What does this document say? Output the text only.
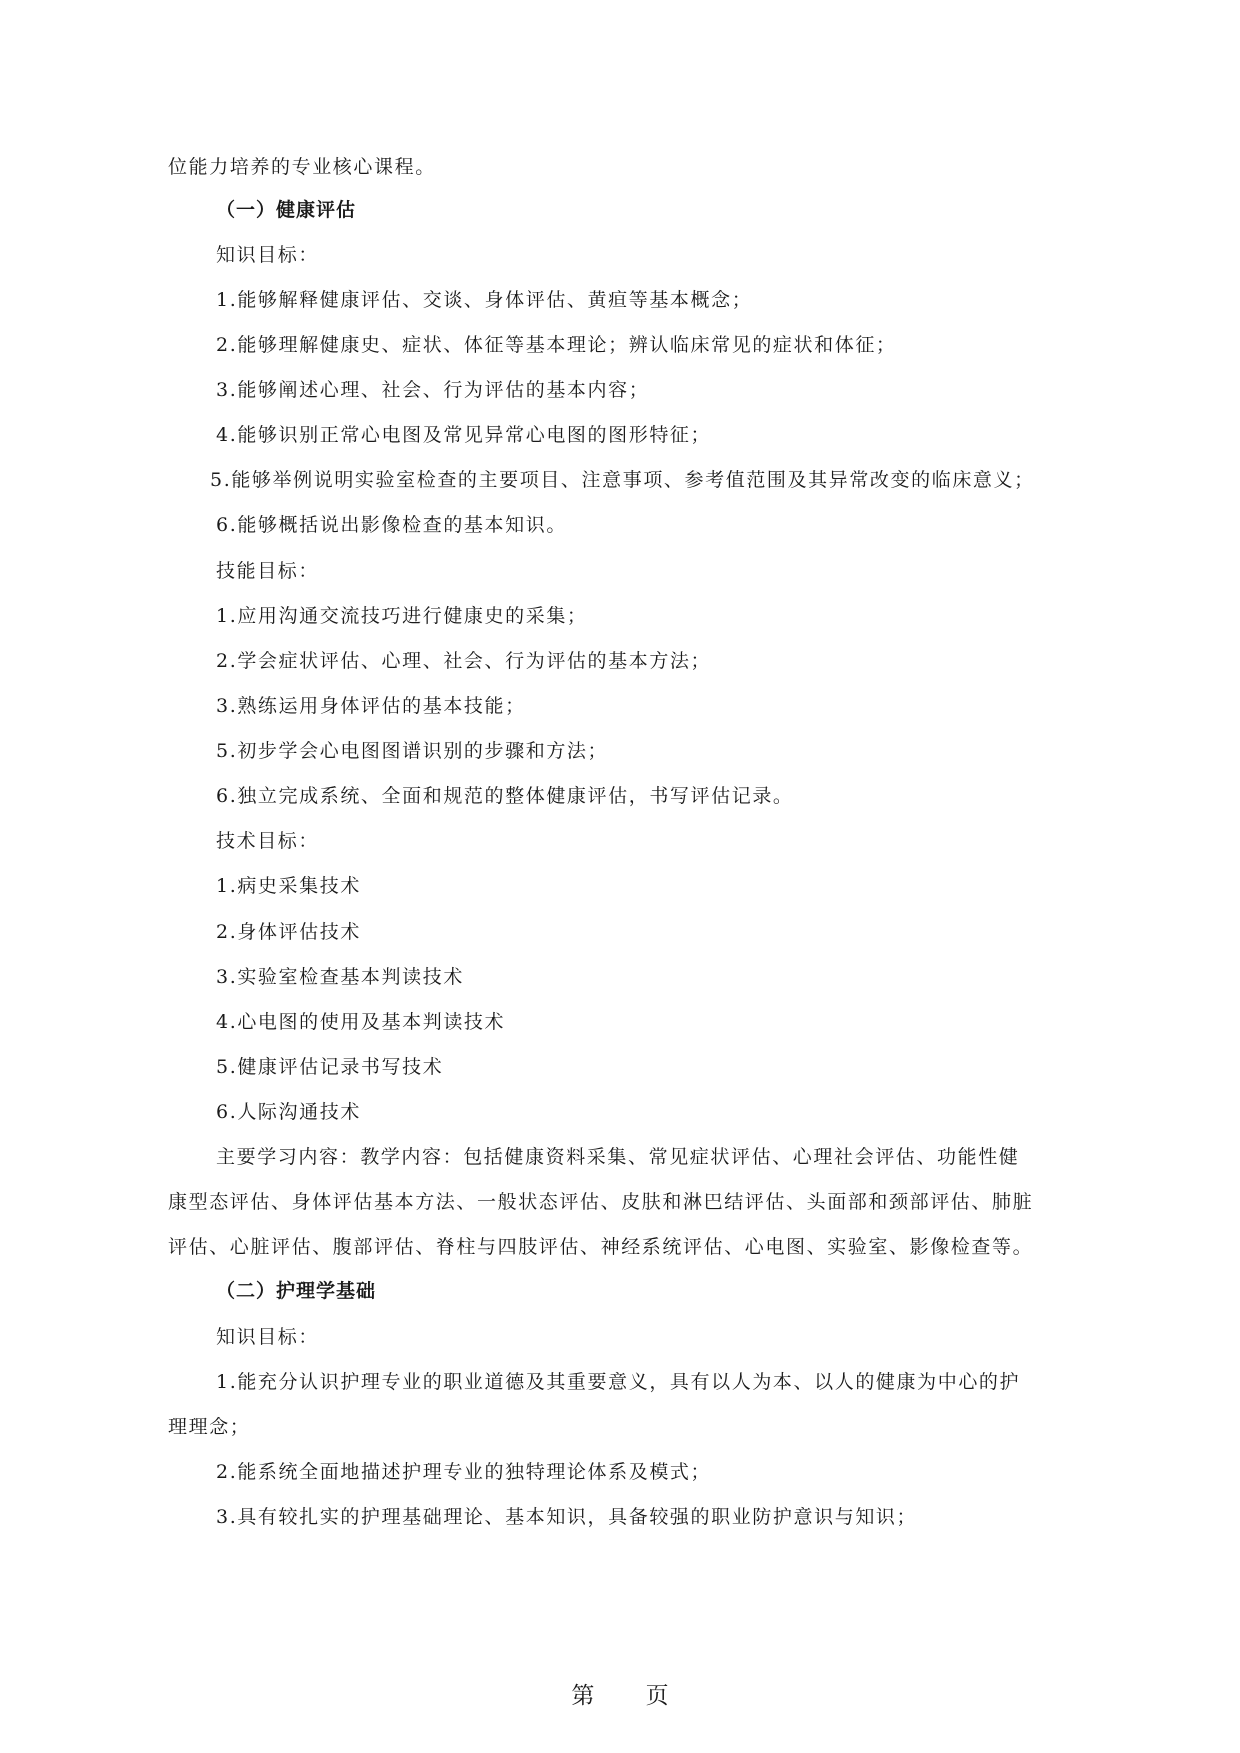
位能力培养的专业核心课程。
（一）健康评估
知识目标：
1.能够解释健康评估、交谈、身体评估、黄疸等基本概念；
2.能够理解健康史、症状、体征等基本理论；辨认临床常见的症状和体征；
3.能够阐述心理、社会、行为评估的基本内容；
4.能够识别正常心电图及常见异常心电图的图形特征；
5.能够举例说明实验室检查的主要项目、注意事项、参考值范围及其异常改变的临床意义；
6.能够概括说出影像检查的基本知识。
技能目标：
1.应用沟通交流技巧进行健康史的采集；
2.学会症状评估、心理、社会、行为评估的基本方法；
3.熟练运用身体评估的基本技能；
5.初步学会心电图图谱识别的步骤和方法；
6.独立完成系统、全面和规范的整体健康评估，书写评估记录。
技术目标：
1.病史采集技术
2.身体评估技术
3.实验室检查基本判读技术
4.心电图的使用及基本判读技术
5.健康评估记录书写技术
6.人际沟通技术
主要学习内容：教学内容：包括健康资料采集、常见症状评估、心理社会评估、功能性健
康型态评估、身体评估基本方法、一般状态评估、皮肤和淋巴结评估、头面部和颈部评估、肺脏
评估、心脏评估、腹部评估、脊柱与四肢评估、神经系统评估、心电图、实验室、影像检查等。
（二）护理学基础
知识目标：
1.能充分认识护理专业的职业道德及其重要意义，具有以人为本、以人的健康为中心的护
理理念；
2.能系统全面地描述护理专业的独特理论体系及模式；
3.具有较扎实的护理基础理论、基本知识，具备较强的职业防护意识与知识；
第 页
